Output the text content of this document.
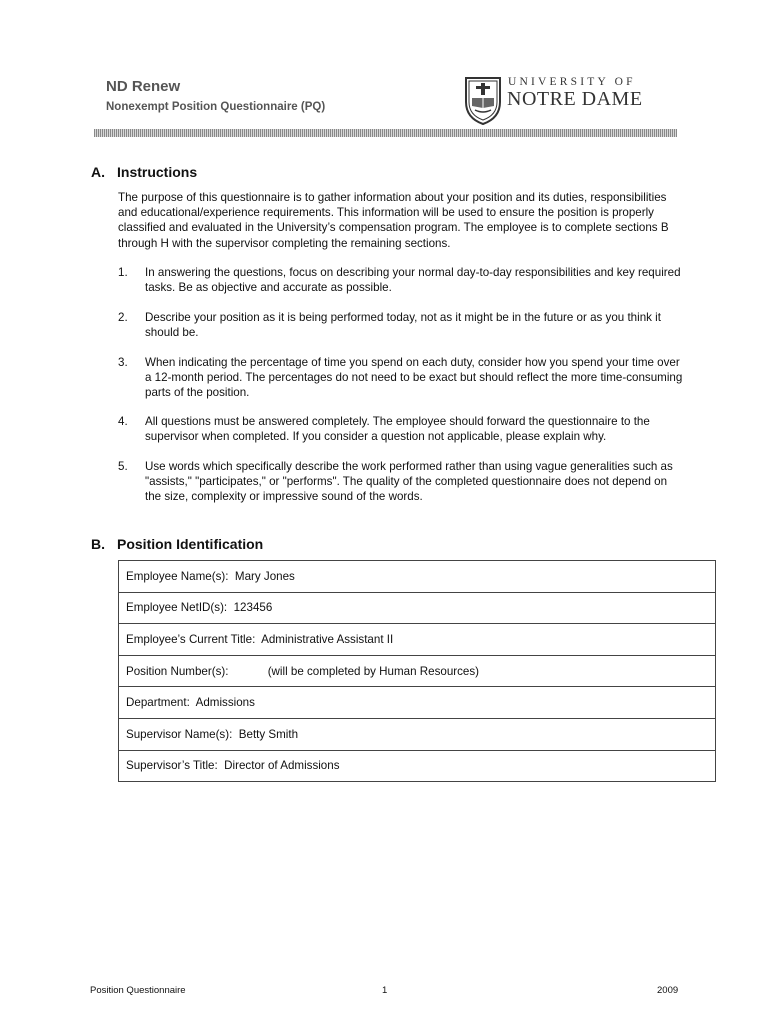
ND Renew
Nonexempt Position Questionnaire (PQ)
UNIVERSITY OF
NOTRE DAME
A. Instructions
The purpose of this questionnaire is to gather information about your position and its duties, responsibilities and educational/experience requirements. This information will be used to ensure the position is properly classified and evaluated in the University’s compensation program. The employee is to complete sections B through H with the supervisor completing the remaining sections.
1. In answering the questions, focus on describing your normal day-to-day responsibilities and key required tasks. Be as objective and accurate as possible.
2. Describe your position as it is being performed today, not as it might be in the future or as you think it should be.
3. When indicating the percentage of time you spend on each duty, consider how you spend your time over a 12-month period. The percentages do not need to be exact but should reflect the more time-consuming parts of the position.
4. All questions must be answered completely. The employee should forward the questionnaire to the supervisor when completed. If you consider a question not applicable, please explain why.
5. Use words which specifically describe the work performed rather than using vague generalities such as "assists," "participates," or "performs". The quality of the completed questionnaire does not depend on the size, complexity or impressive sound of the words.
B. Position Identification
Employee Name(s): Mary Jones
Employee NetID(s): 123456
Employee’s Current Title: Administrative Assistant II
Position Number(s):	(will be completed by Human Resources)
Department: Admissions
Supervisor Name(s): Betty Smith
Supervisor’s Title: Director of Admissions
Position Questionnaire	1	2009
